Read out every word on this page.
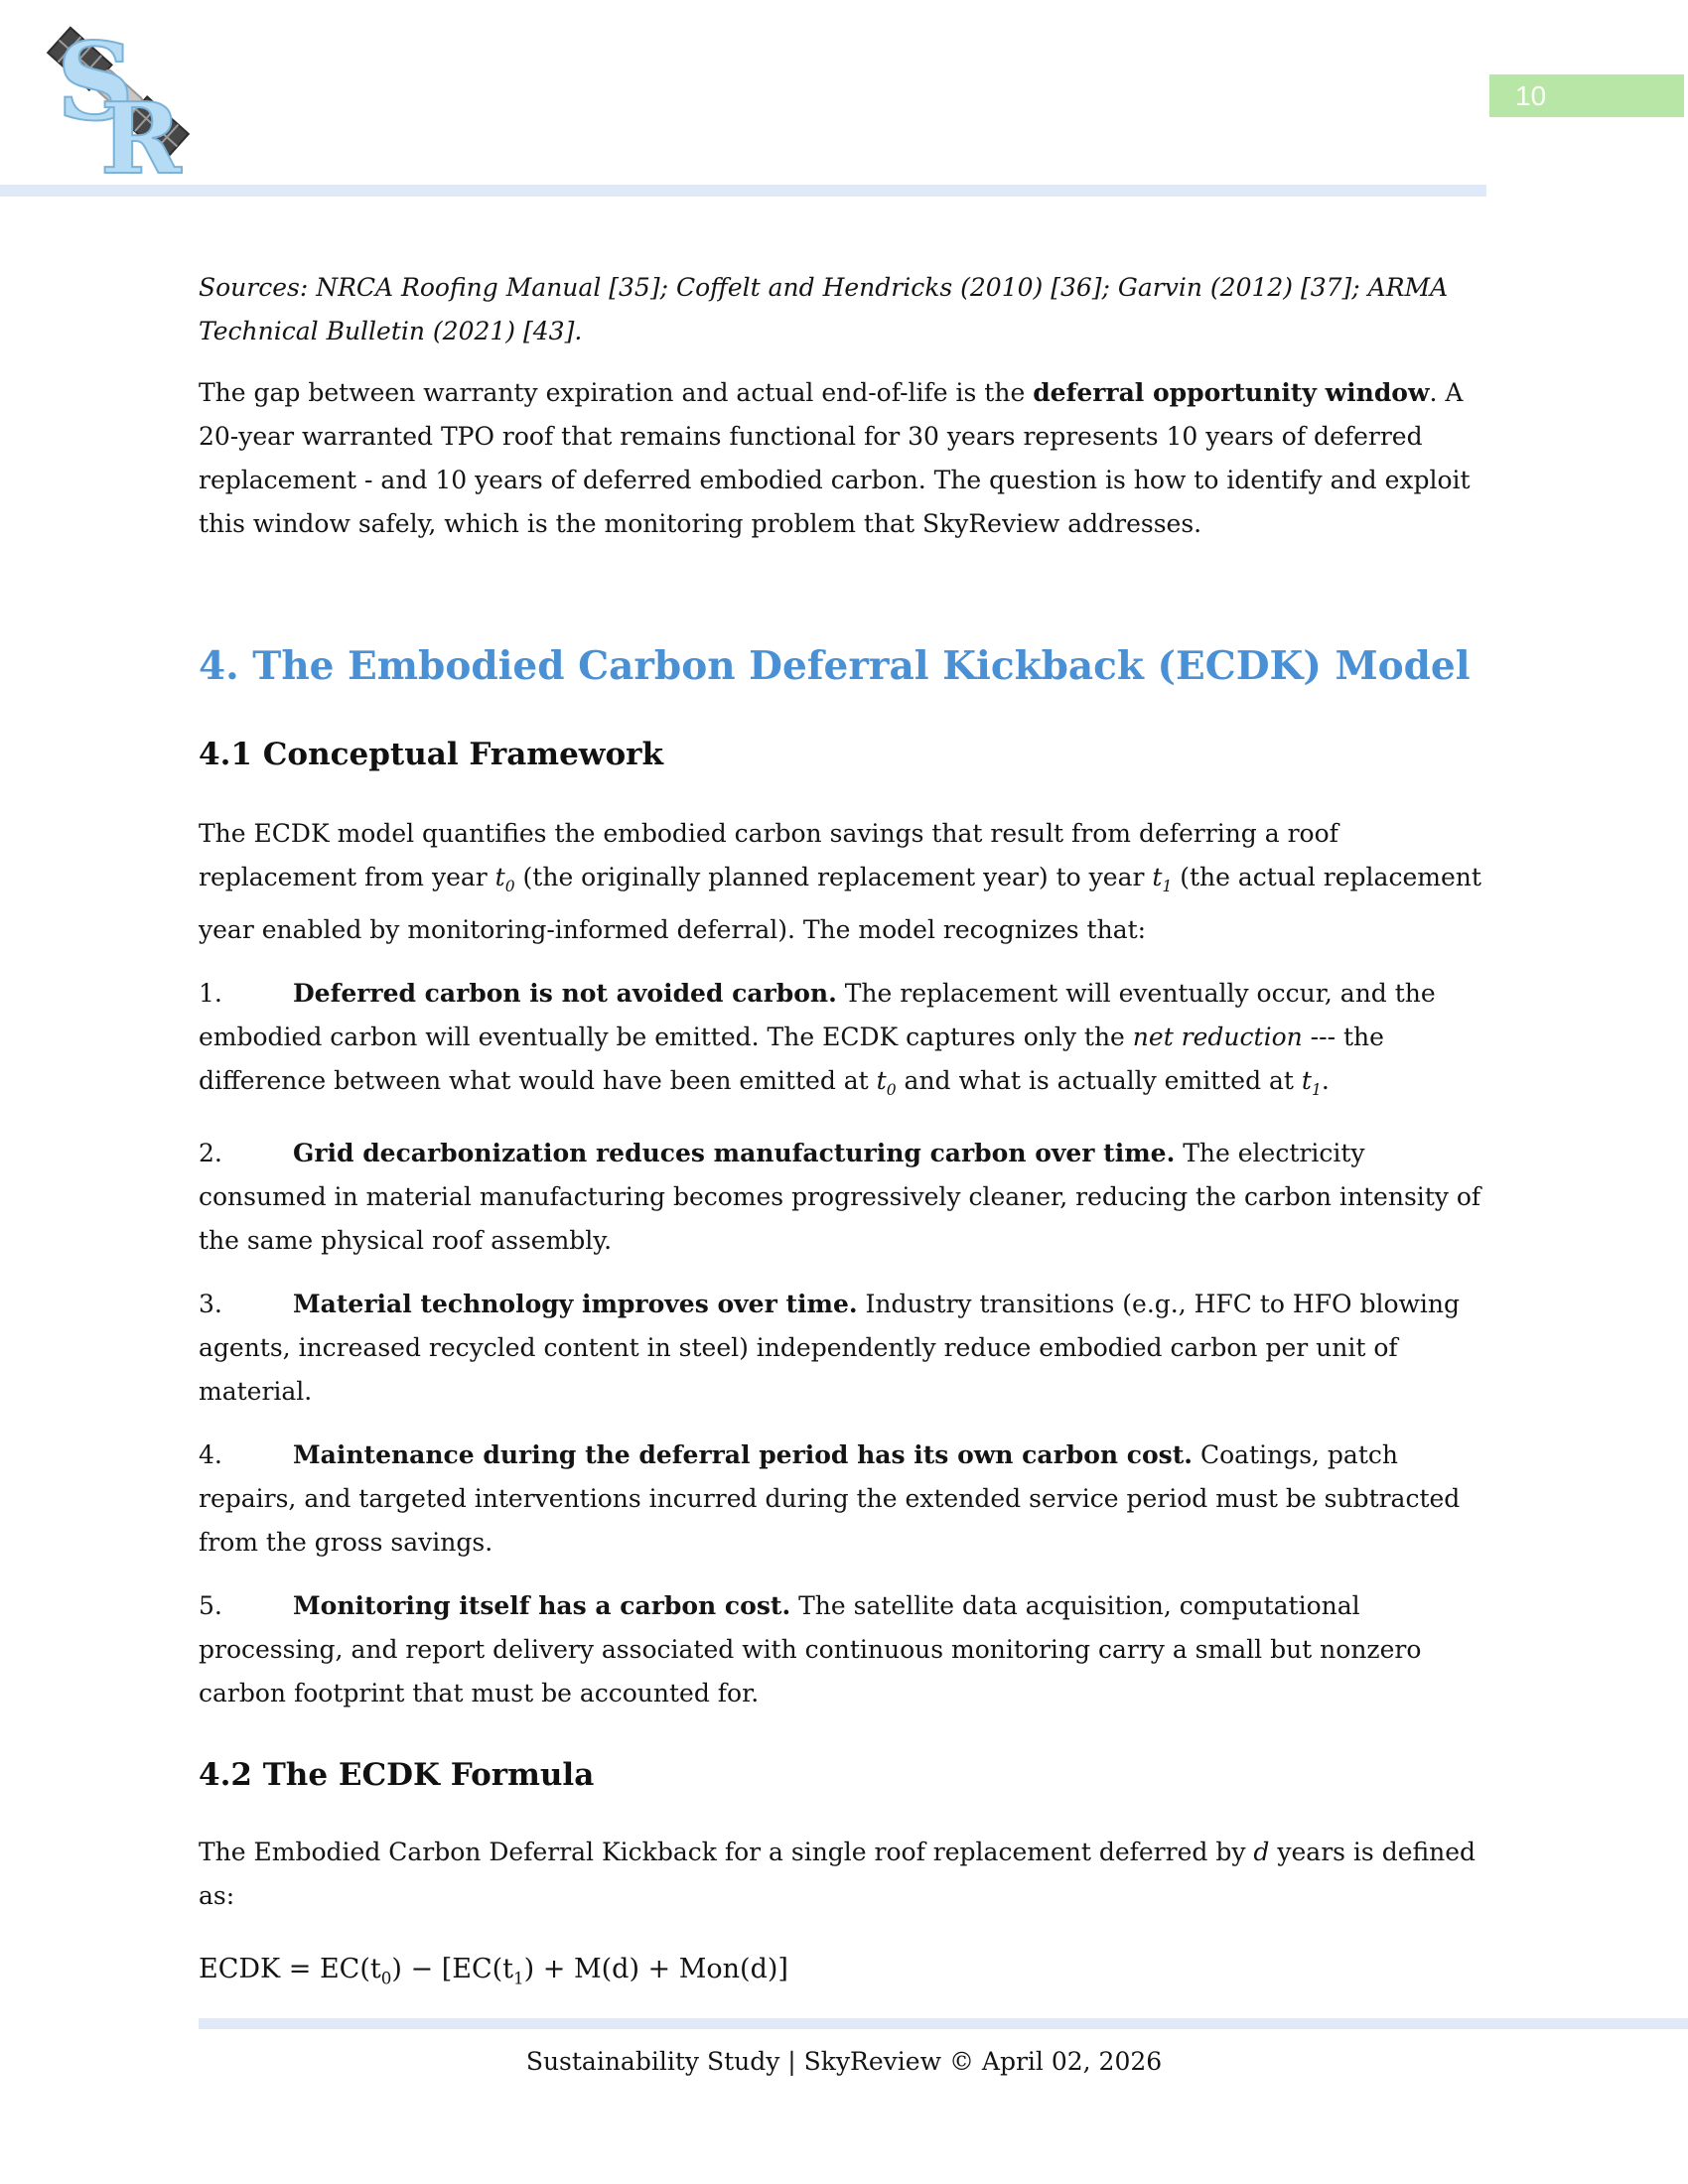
S
R	10

Sources: NRCA Roofing Manual [35]; Coffelt and Hendricks (2010) [36]; Garvin (2012) [37]; ARMA Technical Bulletin (2021) [43].

The gap between warranty expiration and actual end-of-life is the deferral opportunity window. A 20-year warranted TPO roof that remains functional for 30 years represents 10 years of deferred replacement - and 10 years of deferred embodied carbon. The question is how to identify and exploit this window safely, which is the monitoring problem that SkyReview addresses.

4. The Embodied Carbon Deferral Kickback (ECDK) Model
4.1 Conceptual Framework

The ECDK model quantifies the embodied carbon savings that result from deferring a roof replacement from year $t_0$ (the originally planned replacement year) to year $t_1$ (the actual replacement year enabled by monitoring-informed deferral). The model recognizes that:

1.	Deferred carbon is not avoided carbon. The replacement will eventually occur, and the embodied carbon will eventually be emitted. The ECDK captures only the net reduction --- the difference between what would have been emitted at $t_0$ and what is actually emitted at $t_1$.

2.	Grid decarbonization reduces manufacturing carbon over time. The electricity consumed in material manufacturing becomes progressively cleaner, reducing the carbon intensity of the same physical roof assembly.

3.	Material technology improves over time. Industry transitions (e.g., HFC to HFO blowing agents, increased recycled content in steel) independently reduce embodied carbon per unit of material.

4.	Maintenance during the deferral period has its own carbon cost. Coatings, patch repairs, and targeted interventions incurred during the extended service period must be subtracted from the gross savings.

5.	Monitoring itself has a carbon cost. The satellite data acquisition, computational processing, and report delivery associated with continuous monitoring carry a small but nonzero carbon footprint that must be accounted for.

4.2 The ECDK Formula

The Embodied Carbon Deferral Kickback for a single roof replacement deferred by d years is defined as:

ECDK = $EC(t_0) - [EC(t_1) + M(d) + Mon(d)]$

Sustainability Study | SkyReview © April 02, 2026
